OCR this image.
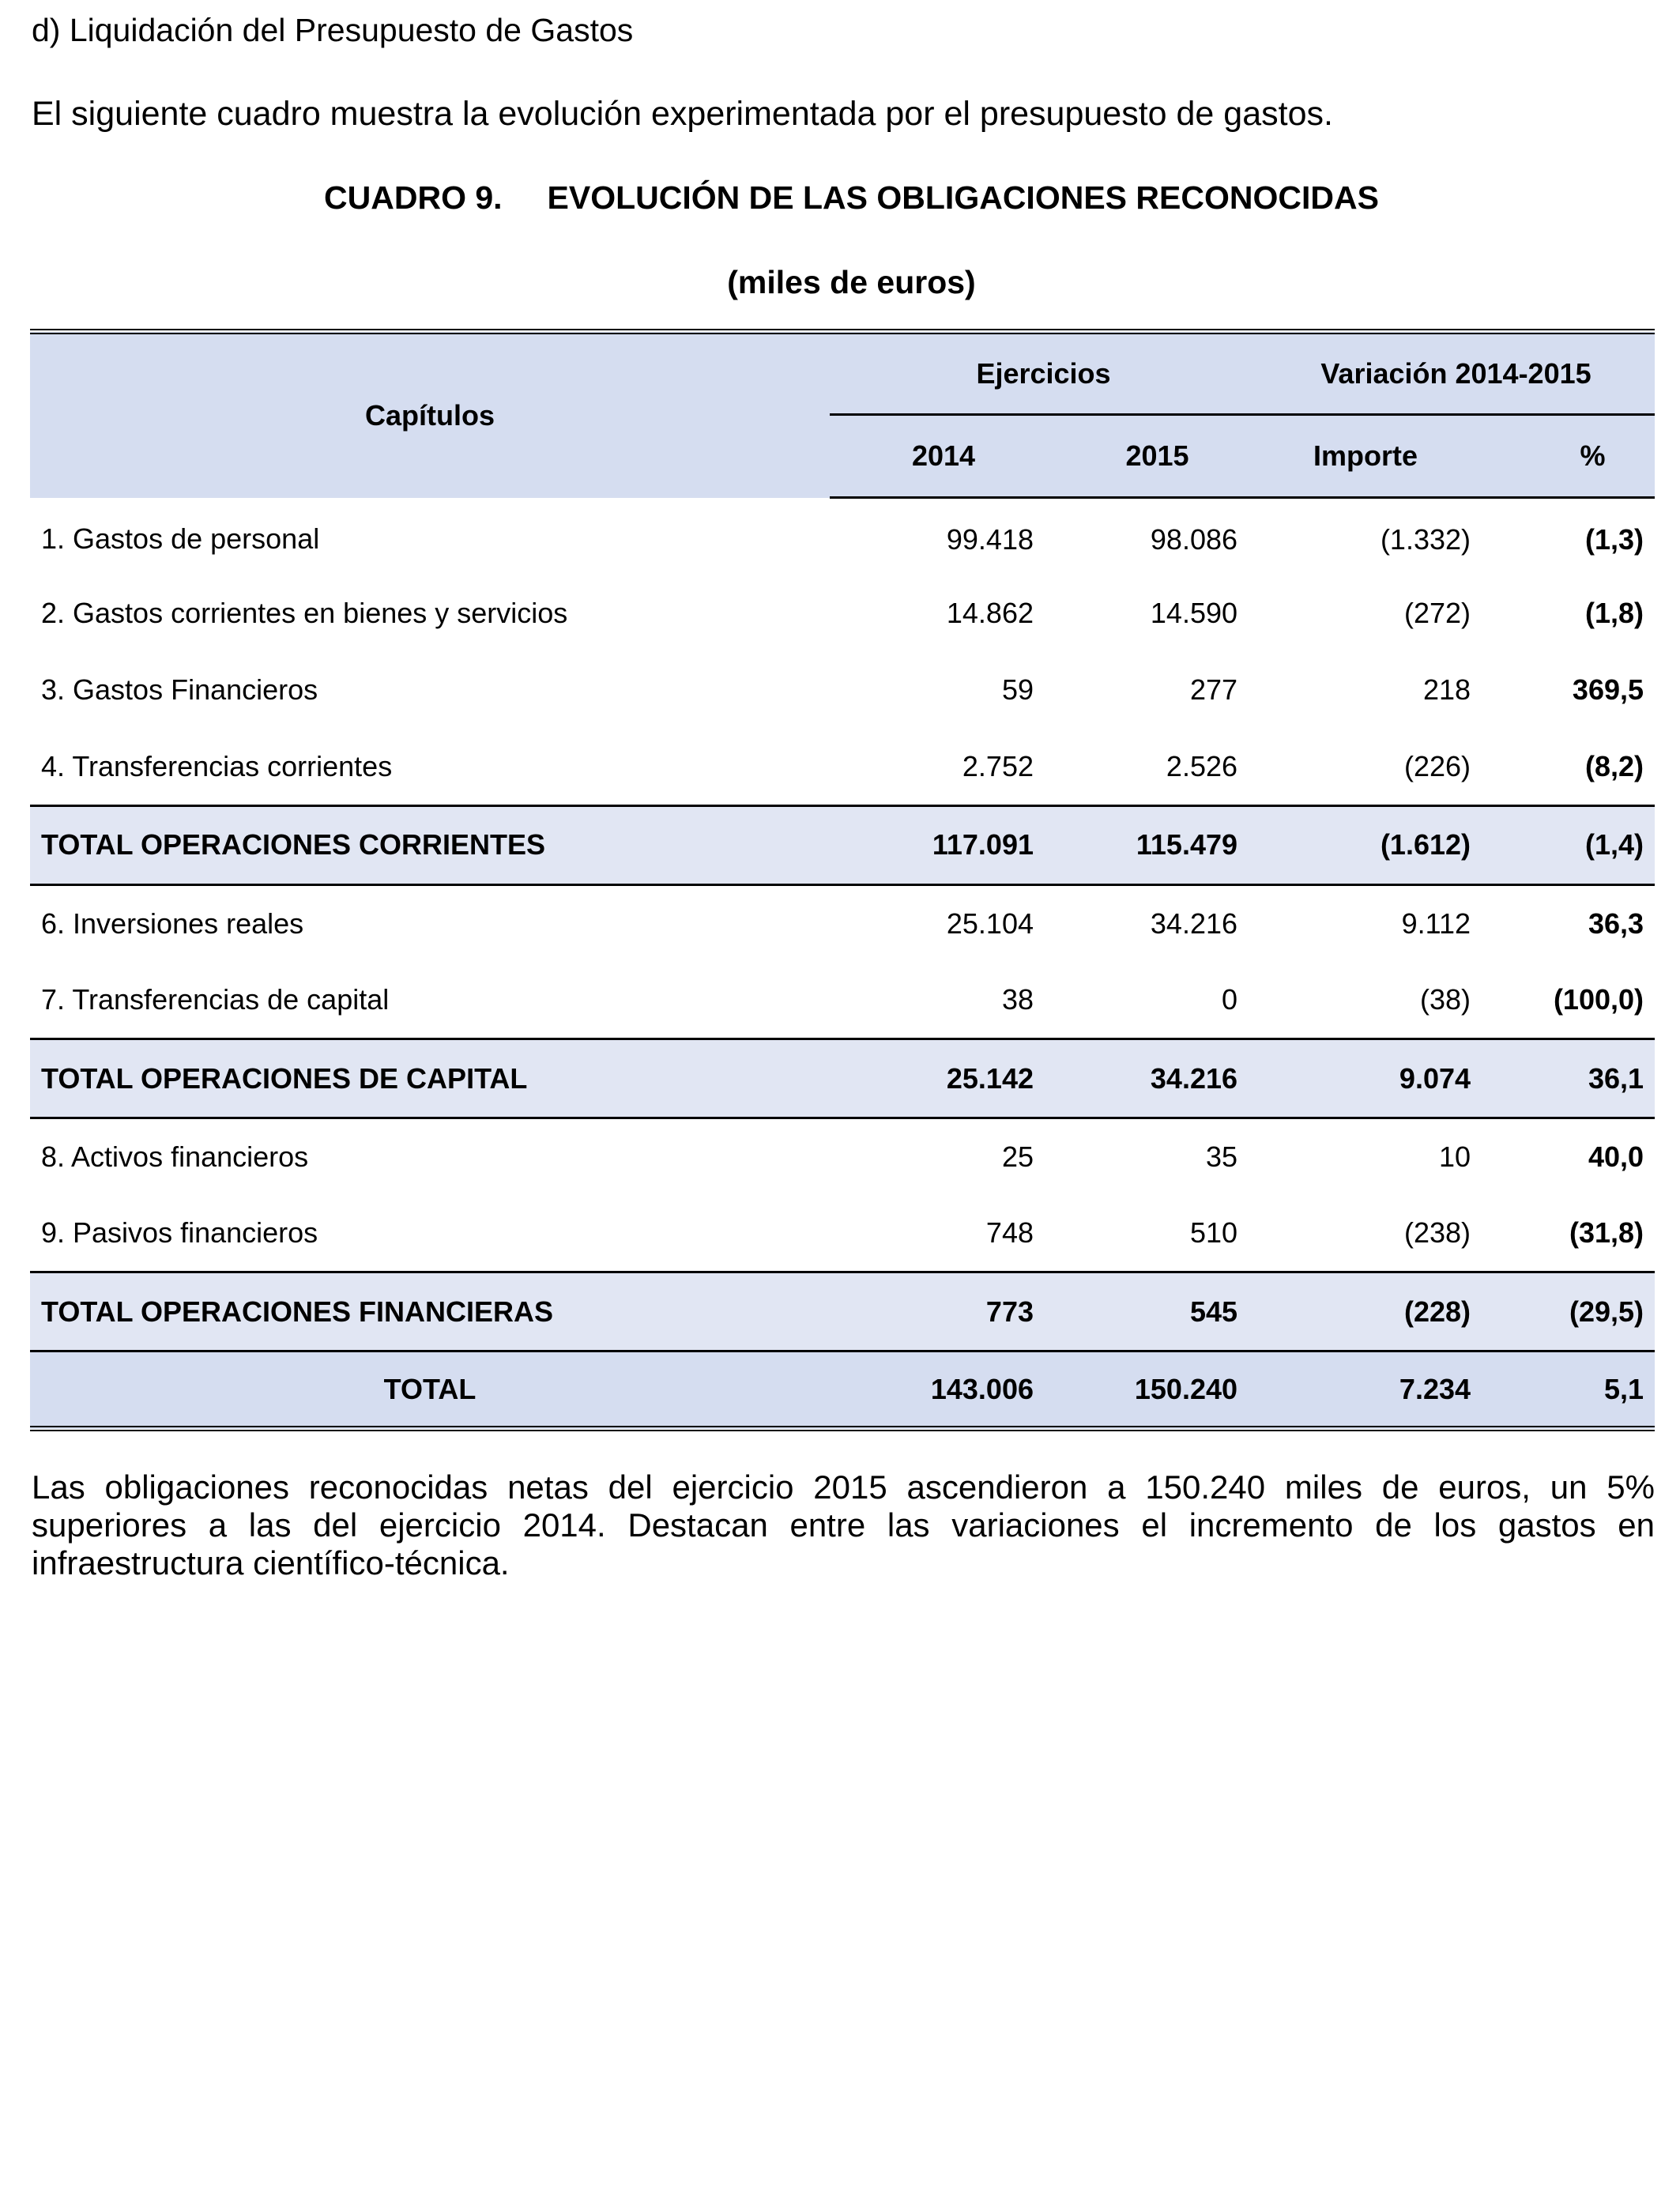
d) Liquidación del Presupuesto de Gastos

El siguiente cuadro muestra la evolución experimentada por el presupuesto de gastos.

CUADRO 9.     EVOLUCIÓN DE LAS OBLIGACIONES RECONOCIDAS

(miles de euros)

Capítulos	Ejercicios		Variación 2014-2015	
	2014	2015	Importe	%
1. Gastos de personal	99.418	98.086	(1.332)	(1,3)
2. Gastos corrientes en bienes y servicios	14.862	14.590	(272)	(1,8)
3. Gastos Financieros	59	277	218	369,5
4. Transferencias corrientes	2.752	2.526	(226)	(8,2)
TOTAL OPERACIONES CORRIENTES	117.091	115.479	(1.612)	(1,4)
6. Inversiones reales	25.104	34.216	9.112	36,3
7. Transferencias de capital	38	0	(38)	(100,0)
TOTAL OPERACIONES DE CAPITAL	25.142	34.216	9.074	36,1
8. Activos financieros	25	35	10	40,0
9. Pasivos financieros	748	510	(238)	(31,8)
TOTAL OPERACIONES FINANCIERAS	773	545	(228)	(29,5)
TOTAL	143.006	150.240	7.234	5,1

Las obligaciones reconocidas netas del ejercicio 2015 ascendieron a 150.240 miles de euros, un 5% superiores a las del ejercicio 2014. Destacan entre las variaciones el incremento de los gastos en infraestructura científico-técnica.
